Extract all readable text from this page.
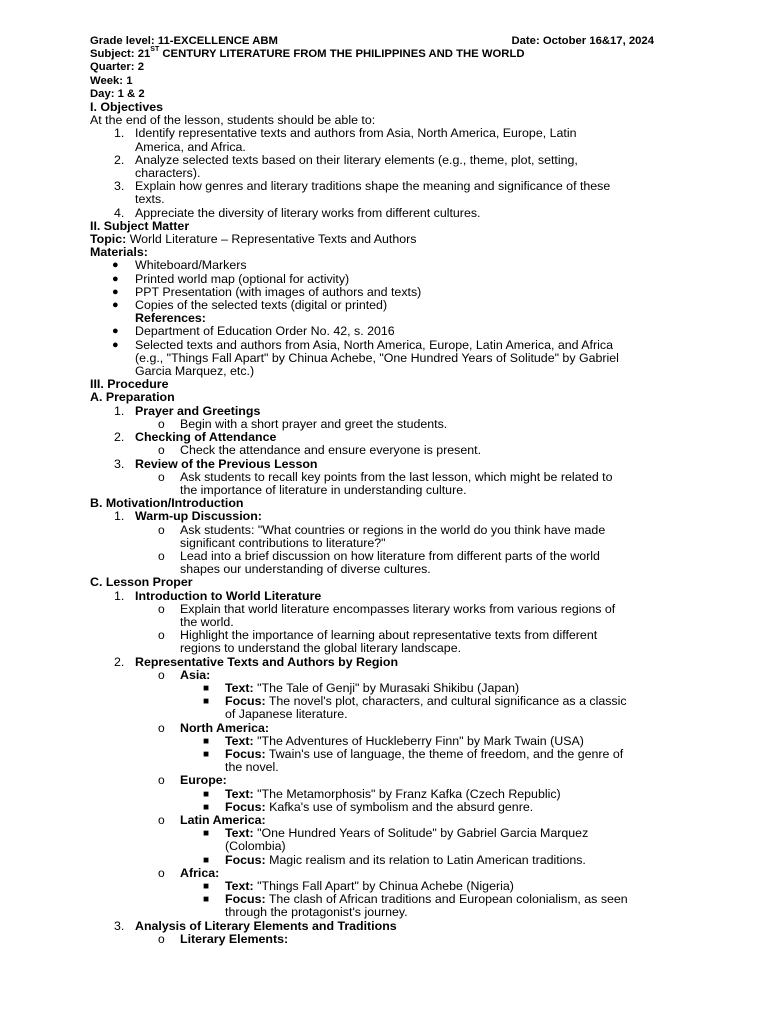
Grade level: 11-EXCELLENCE ABM	Date: October 16&17, 2024
Subject: 21ST CENTURY LITERATURE FROM THE PHILIPPINES AND THE WORLD
Quarter: 2
Week: 1
Day: 1 & 2
I. Objectives
At the end of the lesson, students should be able to:
1. Identify representative texts and authors from Asia, North America, Europe, Latin
America, and Africa.
2. Analyze selected texts based on their literary elements (e.g., theme, plot, setting,
characters).
3. Explain how genres and literary traditions shape the meaning and significance of these
texts.
4. Appreciate the diversity of literary works from different cultures.
II. Subject Matter
Topic: World Literature – Representative Texts and Authors
Materials:
● Whiteboard/Markers
● Printed world map (optional for activity)
● PPT Presentation (with images of authors and texts)
● Copies of the selected texts (digital or printed)
References:
● Department of Education Order No. 42, s. 2016
● Selected texts and authors from Asia, North America, Europe, Latin America, and Africa
(e.g., "Things Fall Apart" by Chinua Achebe, "One Hundred Years of Solitude" by Gabriel
Garcia Marquez, etc.)
III. Procedure
A. Preparation
1. Prayer and Greetings
o Begin with a short prayer and greet the students.
2. Checking of Attendance
o Check the attendance and ensure everyone is present.
3. Review of the Previous Lesson
o Ask students to recall key points from the last lesson, which might be related to
the importance of literature in understanding culture.
B. Motivation/Introduction
1. Warm-up Discussion:
o Ask students: "What countries or regions in the world do you think have made
significant contributions to literature?"
o Lead into a brief discussion on how literature from different parts of the world
shapes our understanding of diverse cultures.
C. Lesson Proper
1. Introduction to World Literature
o Explain that world literature encompasses literary works from various regions of
the world.
o Highlight the importance of learning about representative texts from different
regions to understand the global literary landscape.
2. Representative Texts and Authors by Region
o Asia:
■ Text: "The Tale of Genji" by Murasaki Shikibu (Japan)
■ Focus: The novel's plot, characters, and cultural significance as a classic
of Japanese literature.
o North America:
■ Text: "The Adventures of Huckleberry Finn" by Mark Twain (USA)
■ Focus: Twain's use of language, the theme of freedom, and the genre of
the novel.
o Europe:
■ Text: "The Metamorphosis" by Franz Kafka (Czech Republic)
■ Focus: Kafka's use of symbolism and the absurd genre.
o Latin America:
■ Text: "One Hundred Years of Solitude" by Gabriel Garcia Marquez
(Colombia)
■ Focus: Magic realism and its relation to Latin American traditions.
o Africa:
■ Text: "Things Fall Apart" by Chinua Achebe (Nigeria)
■ Focus: The clash of African traditions and European colonialism, as seen
through the protagonist's journey.
3. Analysis of Literary Elements and Traditions
o Literary Elements:
